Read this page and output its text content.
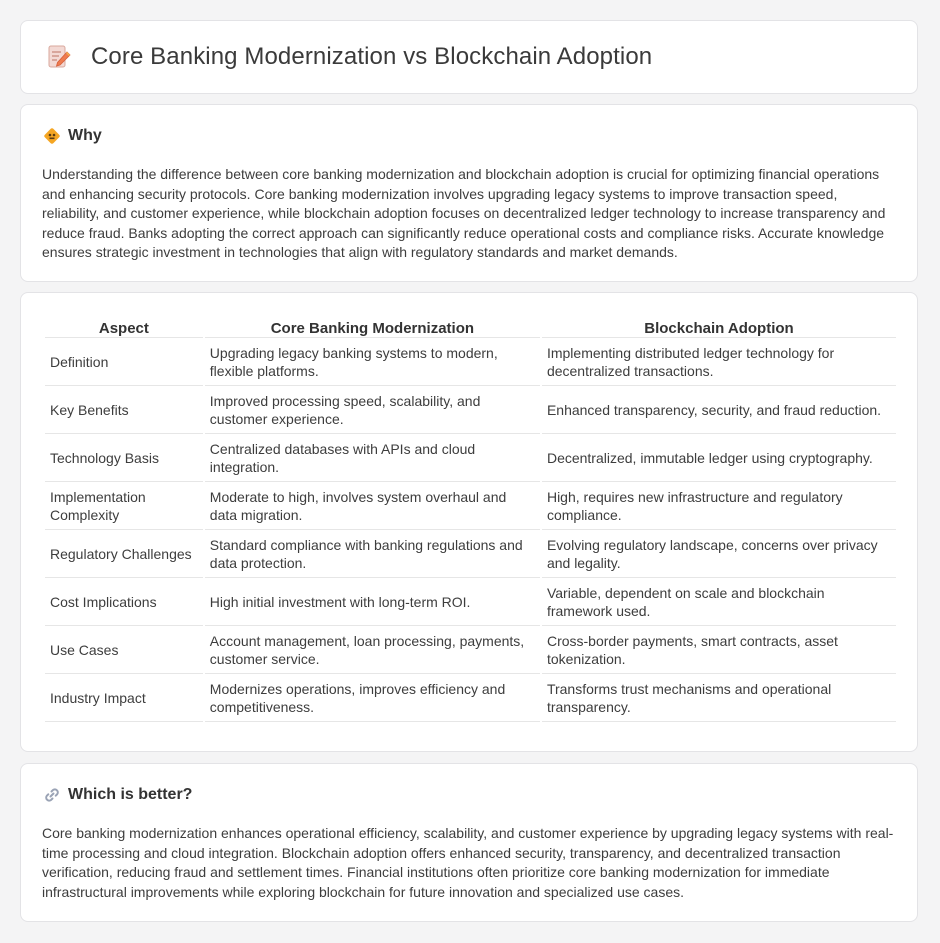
Core Banking Modernization vs Blockchain Adoption
Why

Understanding the difference between core banking modernization and blockchain adoption is crucial for optimizing financial operations and enhancing security protocols. Core banking modernization involves upgrading legacy systems to improve transaction speed, reliability, and customer experience, while blockchain adoption focuses on decentralized ledger technology to increase transparency and reduce fraud. Banks adopting the correct approach can significantly reduce operational costs and compliance risks. Accurate knowledge ensures strategic investment in technologies that align with regulatory standards and market demands.

Aspect	Core Banking Modernization	Blockchain Adoption
Definition	Upgrading legacy banking systems to modern, flexible platforms.	Implementing distributed ledger technology for decentralized transactions.
Key Benefits	Improved processing speed, scalability, and customer experience.	Enhanced transparency, security, and fraud reduction.
Technology Basis	Centralized databases with APIs and cloud integration.	Decentralized, immutable ledger using cryptography.
Implementation Complexity	Moderate to high, involves system overhaul and data migration.	High, requires new infrastructure and regulatory compliance.
Regulatory Challenges	Standard compliance with banking regulations and data protection.	Evolving regulatory landscape, concerns over privacy and legality.
Cost Implications	High initial investment with long-term ROI.	Variable, dependent on scale and blockchain framework used.
Use Cases	Account management, loan processing, payments, customer service.	Cross-border payments, smart contracts, asset tokenization.
Industry Impact	Modernizes operations, improves efficiency and competitiveness.	Transforms trust mechanisms and operational transparency.
Which is better?

Core banking modernization enhances operational efficiency, scalability, and customer experience by upgrading legacy systems with real-time processing and cloud integration. Blockchain adoption offers enhanced security, transparency, and decentralized transaction verification, reducing fraud and settlement times. Financial institutions often prioritize core banking modernization for immediate infrastructural improvements while exploring blockchain for future innovation and specialized use cases.
